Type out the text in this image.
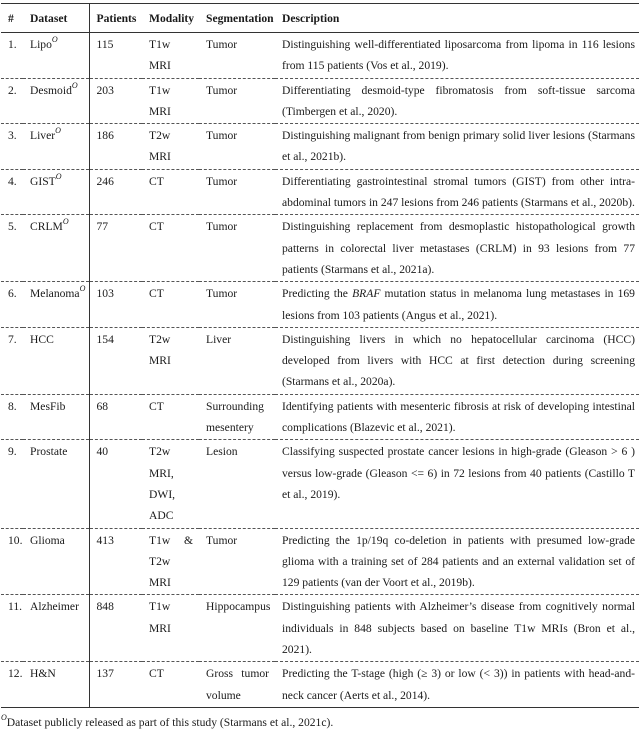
#	Dataset	Patients	Modality	Segmentation	Description
1.	Lipo$^O$	115	T1w MRI	Tumor	Distinguishing well-differentiated liposarcoma from lipoma in 116 lesions from 115 patients (Vos et al., 2019).
2.	Desmoid$^O$	203	T1w MRI	Tumor	Differentiating desmoid-type fibromatosis from soft-tissue sarcoma (Timbergen et al., 2020).
3.	Liver$^O$	186	T2w MRI	Tumor	Distinguishing malignant from benign primary solid liver lesions (Starmans et al., 2021b).
4.	$GIST^O$	246	CT	Tumor	Differentiating gastrointestinal stromal tumors (GIST) from other intra-abdominal tumors in 247 lesions from 246 patients (Starmans et al., 2020b).
5.	$CRLM^O$	77	CT	Tumor	Distinguishing replacement from desmoplastic histopathological growth patterns in colorectal liver metastases (CRLM) in 93 lesions from 77 patients (Starmans et al., 2021a).
6.	Melanoma$^O$	103	CT	Tumor	Predicting the BRAF mutation status in melanoma lung metastases in 169 lesions from 103 patients (Angus et al., 2021).
7.	HCC	154	T2w MRI	Liver	Distinguishing livers in which no hepatocellular carcinoma (HCC) developed from livers with HCC at first detection during screening (Starmans et al., 2020a).
8.	MesFib	68	CT	Surrounding mesentery	Identifying patients with mesenteric fibrosis at risk of developing intestinal complications (Blazevic et al., 2021).
9.	Prostate	40	T2w MRI, DWI, ADC	Lesion	Classifying suspected prostate cancer lesions in high-grade (Gleason > 6 ) versus low-grade (Gleason <= 6) in 72 lesions from 40 patients (Castillo T et al., 2019).
10.	Glioma	413	T1w & T2w MRI	Tumor	Predicting the 1p/19q co-deletion in patients with presumed low-grade glioma with a training set of 284 patients and an external validation set of 129 patients (van der Voort et al., 2019b).
11.	Alzheimer	848	T1w MRI	Hippocampus	Distinguishing patients with Alzheimer’s disease from cognitively normal individuals in 848 subjects based on baseline T1w MRIs (Bron et al., 2021).
12.	H&N	137	CT	Gross tumor volume	Predicting the T-stage (high (≥ 3) or low (< 3)) in patients with head-and-neck cancer (Aerts et al., 2014).
$^O$Dataset publicly released as part of this study (Starmans et al., 2021c).
